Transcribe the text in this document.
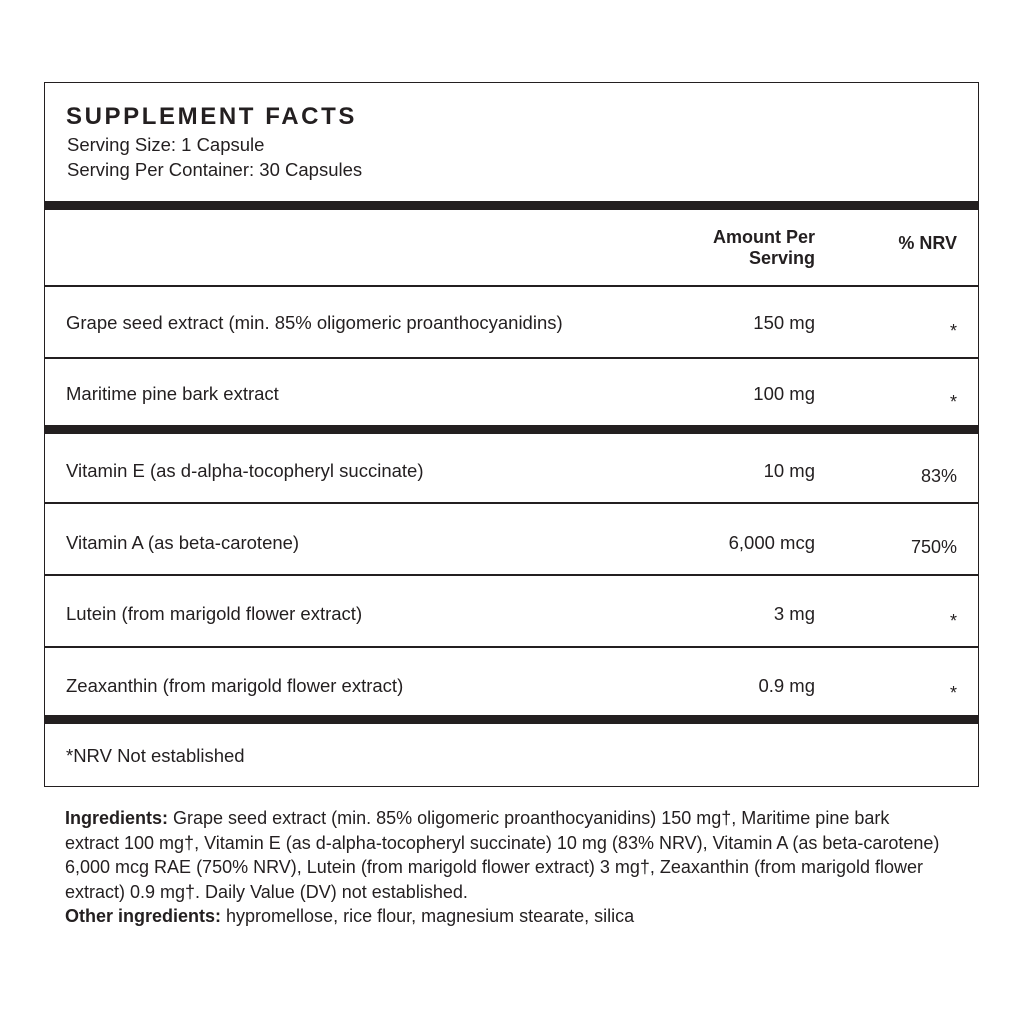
SUPPLEMENT FACTS
Serving Size: 1 Capsule
Serving Per Container: 30 Capsules
Amount Per
Serving
% NRV
Grape seed extract (min. 85% oligomeric proanthocyanidins)	150 mg	*
Maritime pine bark extract	100 mg	*
Vitamin E (as d-alpha-tocopheryl succinate)	10 mg	83%
Vitamin A (as beta-carotene)	6,000 mcg	750%
Lutein (from marigold flower extract)	3 mg	*
Zeaxanthin (from marigold flower extract)	0.9 mg	*
*NRV Not established

Ingredients: Grape seed extract (min. 85% oligomeric proanthocyanidins) 150 mg†, Maritime pine bark extract 100 mg†, Vitamin E (as d-alpha-tocopheryl succinate) 10 mg (83% NRV), Vitamin A (as beta-carotene) 6,000 mcg RAE (750% NRV), Lutein (from marigold flower extract) 3 mg†, Zeaxanthin (from marigold flower extract) 0.9 mg†. Daily Value (DV) not established.

Other ingredients: hypromellose, rice flour, magnesium stearate, silica
